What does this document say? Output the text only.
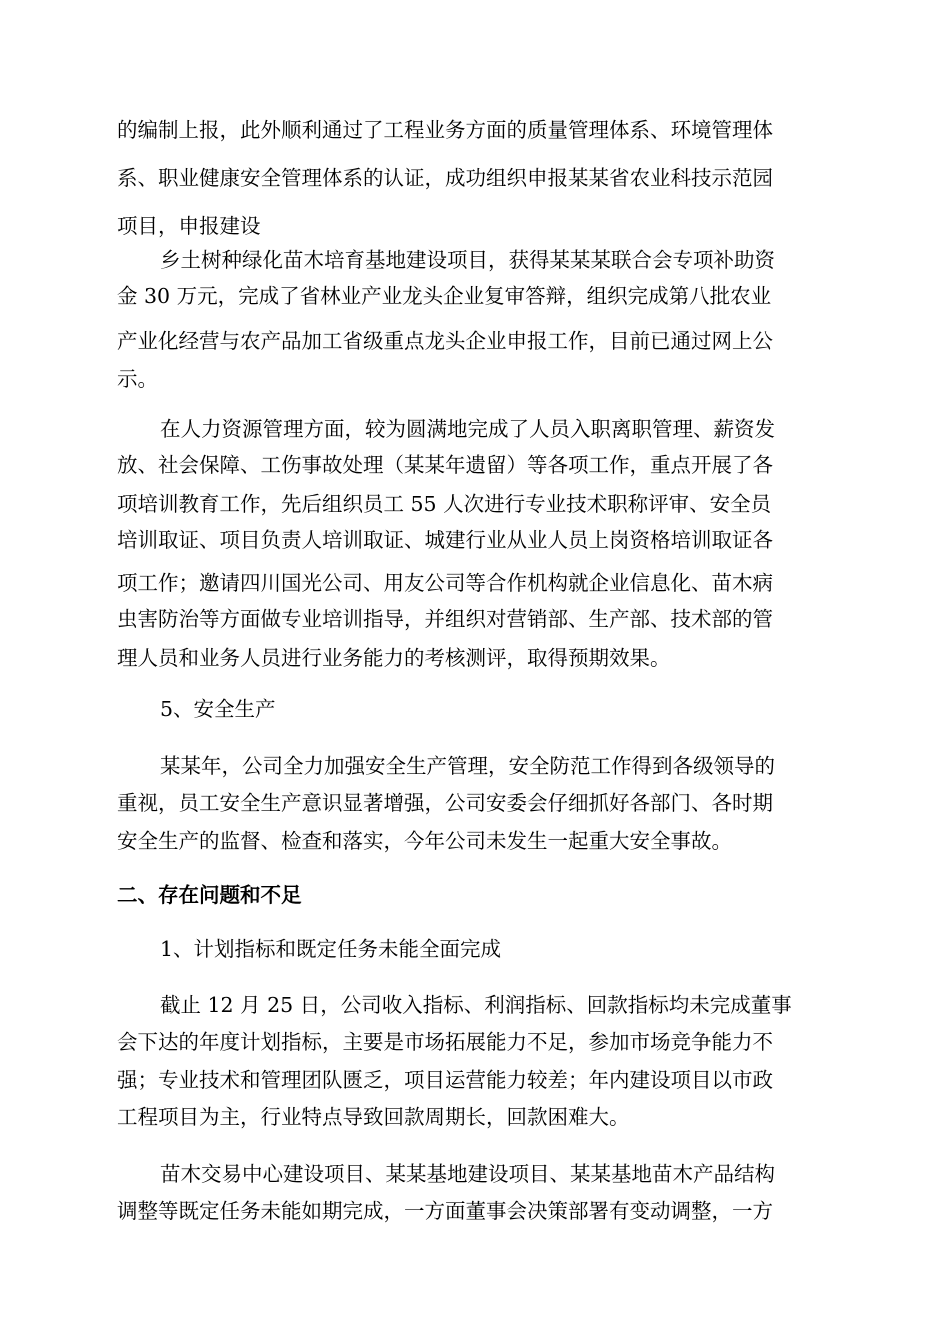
的编制上报，此外顺利通过了工程业务方面的质量管理体系、环境管理体
系、职业健康安全管理体系的认证，成功组织申报某某省农业科技示范园
项目，申报建设
乡土树种绿化苗木培育基地建设项目，获得某某某联合会专项补助资
金 30 万元，完成了省林业产业龙头企业复审答辩，组织完成第八批农业
产业化经营与农产品加工省级重点龙头企业申报工作，目前已通过网上公
示。
在人力资源管理方面，较为圆满地完成了人员入职离职管理、薪资发
放、社会保障、工伤事故处理（某某年遗留）等各项工作，重点开展了各
项培训教育工作，先后组织员工 55 人次进行专业技术职称评审、安全员
培训取证、项目负责人培训取证、城建行业从业人员上岗资格培训取证各
项工作；邀请四川国光公司、用友公司等合作机构就企业信息化、苗木病
虫害防治等方面做专业培训指导，并组织对营销部、生产部、技术部的管
理人员和业务人员进行业务能力的考核测评，取得预期效果。
5、安全生产
某某年，公司全力加强安全生产管理，安全防范工作得到各级领导的
重视，员工安全生产意识显著增强，公司安委会仔细抓好各部门、各时期
安全生产的监督、检查和落实，今年公司未发生一起重大安全事故。
二、存在问题和不足
1、计划指标和既定任务未能全面完成
截止 12 月 25 日，公司收入指标、利润指标、回款指标均未完成董事
会下达的年度计划指标，主要是市场拓展能力不足，参加市场竞争能力不
强；专业技术和管理团队匮乏，项目运营能力较差；年内建设项目以市政
工程项目为主，行业特点导致回款周期长，回款困难大。
苗木交易中心建设项目、某某基地建设项目、某某基地苗木产品结构
调整等既定任务未能如期完成，一方面董事会决策部署有变动调整，一方
